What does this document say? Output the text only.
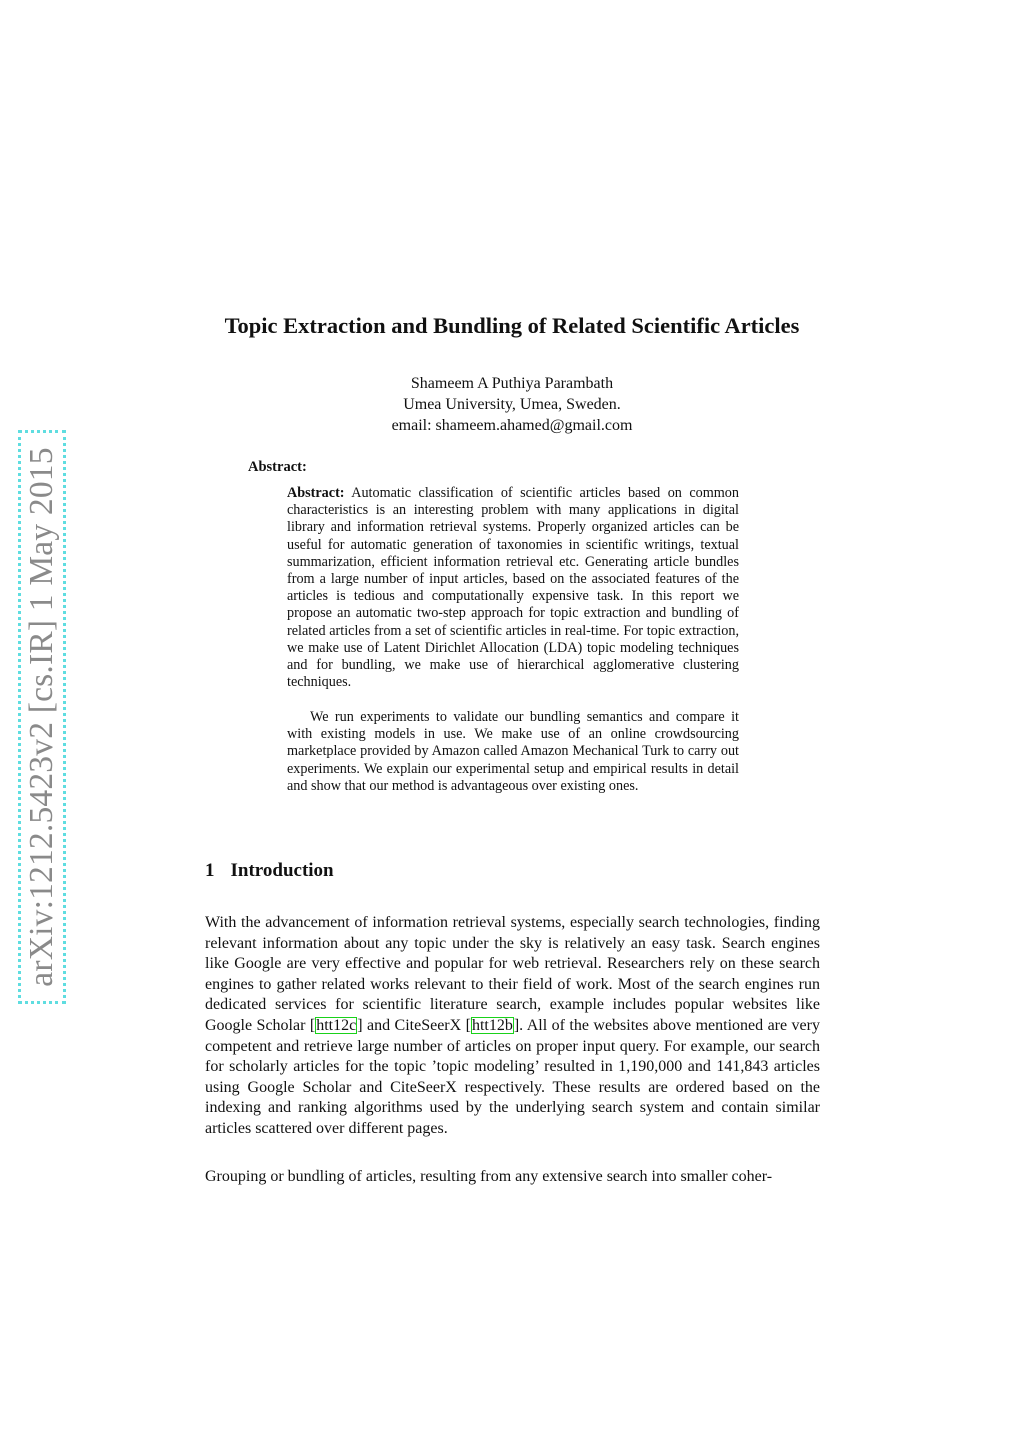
arXiv:1212.5423v2 [cs.IR] 1 May 2015
Topic Extraction and Bundling of Related Scientific Articles

Shameem A Puthiya Parambath

Umea University, Umea, Sweden.

email: shameem.ahamed@gmail.com

Abstract:

Abstract: Automatic classification of scientific articles based on common characteristics is an interesting problem with many applications in digital library and information retrieval systems. Properly organized articles can be useful for automatic generation of taxonomies in scientific writings, textual summarization, efficient information retrieval etc. Generating article bundles from a large number of input articles, based on the associated features of the articles is tedious and computationally expensive task. In this report we propose an automatic two-step approach for topic extraction and bundling of related articles from a set of scientific articles in real-time. For topic extraction, we make use of Latent Dirichlet Allocation (LDA) topic modeling techniques and for bundling, we make use of hierarchical agglomerative clustering techniques.

We run experiments to validate our bundling semantics and compare it with existing models in use. We make use of an online crowdsourcing marketplace provided by Amazon called Amazon Mechanical Turk to carry out experiments. We explain our experimental setup and empirical results in detail and show that our method is advantageous over existing ones.

1 Introduction

With the advancement of information retrieval systems, especially search technologies, finding relevant information about any topic under the sky is relatively an easy task. Search engines like Google are very effective and popular for web retrieval. Researchers rely on these search engines to gather related works relevant to their field of work. Most of the search engines run dedicated services for scientific literature search, example includes popular websites like Google Scholar [htt12c] and CiteSeerX [htt12b]. All of the websites above mentioned are very competent and retrieve large number of articles on proper input query. For example, our search for scholarly articles for the topic ’topic modeling’ resulted in 1,190,000 and 141,843 articles using Google Scholar and CiteSeerX respectively. These results are ordered based on the indexing and ranking algorithms used by the underlying search system and contain similar articles scattered over different pages.

Grouping or bundling of articles, resulting from any extensive search into smaller coher-
